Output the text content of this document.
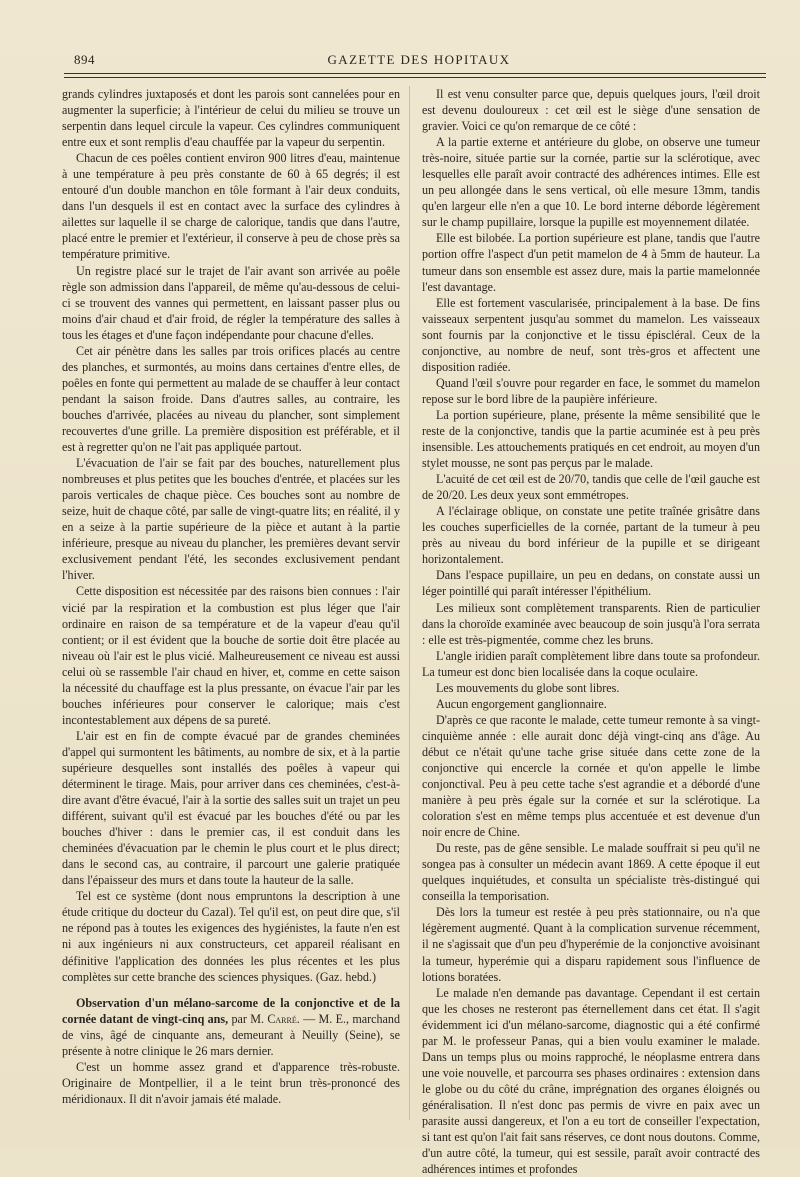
894	GAZETTE DES HOPITAUX

grands cylindres juxtaposés et dont les parois sont cannelées pour en augmenter la superficie; à l'intérieur de celui du milieu se trouve un serpentin dans lequel circule la vapeur. Ces cylindres communiquent entre eux et sont remplis d'eau chauffée par la vapeur du serpentin.

Chacun de ces poêles contient environ 900 litres d'eau, maintenue à une température à peu près constante de 60 à 65 degrés; il est entouré d'un double manchon en tôle formant à l'air deux conduits, dans l'un desquels il est en contact avec la surface des cylindres à ailettes sur laquelle il se charge de calorique, tandis que dans l'autre, placé entre le premier et l'extérieur, il conserve à peu de chose près sa température primitive.

Un registre placé sur le trajet de l'air avant son arrivée au poêle règle son admission dans l'appareil, de même qu'au-dessous de celui-ci se trouvent des vannes qui permettent, en laissant passer plus ou moins d'air chaud et d'air froid, de régler la température des salles à tous les étages et d'une façon indépendante pour chacune d'elles.

Cet air pénètre dans les salles par trois orifices placés au centre des planches, et surmontés, au moins dans certaines d'entre elles, de poêles en fonte qui permettent au malade de se chauffer à leur contact pendant la saison froide. Dans d'autres salles, au contraire, les bouches d'arrivée, placées au niveau du plancher, sont simplement recouvertes d'une grille. La première disposition est préférable, et il est à regretter qu'on ne l'ait pas appliquée partout.

L'évacuation de l'air se fait par des bouches, naturellement plus nombreuses et plus petites que les bouches d'entrée, et placées sur les parois verticales de chaque pièce. Ces bouches sont au nombre de seize, huit de chaque côté, par salle de vingt-quatre lits; en réalité, il y en a seize à la partie supérieure de la pièce et autant à la partie inférieure, presque au niveau du plancher, les premières devant servir exclusivement pendant l'été, les secondes exclusivement pendant l'hiver.

Cette disposition est nécessitée par des raisons bien connues : l'air vicié par la respiration et la combustion est plus léger que l'air ordinaire en raison de sa température et de la vapeur d'eau qu'il contient; or il est évident que la bouche de sortie doit être placée au niveau où l'air est le plus vicié. Malheureusement ce niveau est aussi celui où se rassemble l'air chaud en hiver, et, comme en cette saison la nécessité du chauffage est la plus pressante, on évacue l'air par les bouches inférieures pour conserver le calorique; mais c'est incontestablement aux dépens de sa pureté.

L'air est en fin de compte évacué par de grandes cheminées d'appel qui surmontent les bâtiments, au nombre de six, et à la partie supérieure desquelles sont installés des poêles à vapeur qui déterminent le tirage. Mais, pour arriver dans ces cheminées, c'est-à-dire avant d'être évacué, l'air à la sortie des salles suit un trajet un peu différent, suivant qu'il est évacué par les bouches d'été ou par les bouches d'hiver : dans le premier cas, il est conduit dans les cheminées d'évacuation par le chemin le plus court et le plus direct; dans le second cas, au contraire, il parcourt une galerie pratiquée dans l'épaisseur des murs et dans toute la hauteur de la salle.

Tel est ce système (dont nous empruntons la description à une étude critique du docteur du Cazal). Tel qu'il est, on peut dire que, s'il ne répond pas à toutes les exigences des hygiénistes, la faute n'en est ni aux ingénieurs ni aux constructeurs, cet appareil réalisant en définitive l'application des données les plus récentes et les plus complètes sur cette branche des sciences physiques. (Gaz. hebd.)

Observation d'un mélano-sarcome de la conjonctive et de la cornée datant de vingt-cinq ans, par M. Carré. — M. E., marchand de vins, âgé de cinquante ans, demeurant à Neuilly (Seine), se présente à notre clinique le 26 mars dernier.

C'est un homme assez grand et d'apparence très-robuste. Originaire de Montpellier, il a le teint brun très-prononcé des méridionaux. Il dit n'avoir jamais été malade.

Il est venu consulter parce que, depuis quelques jours, l'œil droit est devenu douloureux : cet œil est le siège d'une sensation de gravier. Voici ce qu'on remarque de ce côté :

A la partie externe et antérieure du globe, on observe une tumeur très-noire, située partie sur la cornée, partie sur la sclérotique, avec lesquelles elle paraît avoir contracté des adhérences intimes. Elle est un peu allongée dans le sens vertical, où elle mesure 13mm, tandis qu'en largeur elle n'en a que 10. Le bord interne déborde légèrement sur le champ pupillaire, lorsque la pupille est moyennement dilatée.

Elle est bilobée. La portion supérieure est plane, tandis que l'autre portion offre l'aspect d'un petit mamelon de 4 à 5mm de hauteur. La tumeur dans son ensemble est assez dure, mais la partie mamelonnée l'est davantage.

Elle est fortement vascularisée, principalement à la base. De fins vaisseaux serpentent jusqu'au sommet du mamelon. Les vaisseaux sont fournis par la conjonctive et le tissu épiscléral. Ceux de la conjonctive, au nombre de neuf, sont très-gros et affectent une disposition radiée.

Quand l'œil s'ouvre pour regarder en face, le sommet du mamelon repose sur le bord libre de la paupière inférieure.

La portion supérieure, plane, présente la même sensibilité que le reste de la conjonctive, tandis que la partie acuminée est à peu près insensible. Les attouchements pratiqués en cet endroit, au moyen d'un stylet mousse, ne sont pas perçus par le malade.

L'acuité de cet œil est de 20/70, tandis que celle de l'œil gauche est de 20/20. Les deux yeux sont emmétropes.

A l'éclairage oblique, on constate une petite traînée grisâtre dans les couches superficielles de la cornée, partant de la tumeur à peu près au niveau du bord inférieur de la pupille et se dirigeant horizontalement.

Dans l'espace pupillaire, un peu en dedans, on constate aussi un léger pointillé qui paraît intéresser l'épithélium.

Les milieux sont complètement transparents. Rien de particulier dans la choroïde examinée avec beaucoup de soin jusqu'à l'ora serrata : elle est très-pigmentée, comme chez les bruns.

L'angle iridien paraît complètement libre dans toute sa profondeur. La tumeur est donc bien localisée dans la coque oculaire.

Les mouvements du globe sont libres.

Aucun engorgement ganglionnaire.

D'après ce que raconte le malade, cette tumeur remonte à sa vingt-cinquième année : elle aurait donc déjà vingt-cinq ans d'âge. Au début ce n'était qu'une tache grise située dans cette zone de la conjonctive qui encercle la cornée et qu'on appelle le limbe conjonctival. Peu à peu cette tache s'est agrandie et a débordé d'une manière à peu près égale sur la cornée et sur la sclérotique. La coloration s'est en même temps plus accentuée et est devenue d'un noir encre de Chine.

Du reste, pas de gêne sensible. Le malade souffrait si peu qu'il ne songea pas à consulter un médecin avant 1869. A cette époque il eut quelques inquiétudes, et consulta un spécialiste très-distingué qui conseilla la temporisation.

Dès lors la tumeur est restée à peu près stationnaire, ou n'a que légèrement augmenté. Quant à la complication survenue récemment, il ne s'agissait que d'un peu d'hyperémie de la conjonctive avoisinant la tumeur, hyperémie qui a disparu rapidement sous l'influence de lotions boratées.

Le malade n'en demande pas davantage. Cependant il est certain que les choses ne resteront pas éternellement dans cet état. Il s'agit évidemment ici d'un mélano-sarcome, diagnostic qui a été confirmé par M. le professeur Panas, qui a bien voulu examiner le malade. Dans un temps plus ou moins rapproché, le néoplasme entrera dans une voie nouvelle, et parcourra ses phases ordinaires : extension dans le globe ou du côté du crâne, imprégnation des organes éloignés ou généralisation. Il n'est donc pas permis de vivre en paix avec un parasite aussi dangereux, et l'on a eu tort de conseiller l'expectation, si tant est qu'on l'ait fait sans réserves, ce dont nous doutons. Comme, d'un autre côté, la tumeur, qui est sessile, paraît avoir contracté des adhérences intimes et profondes
